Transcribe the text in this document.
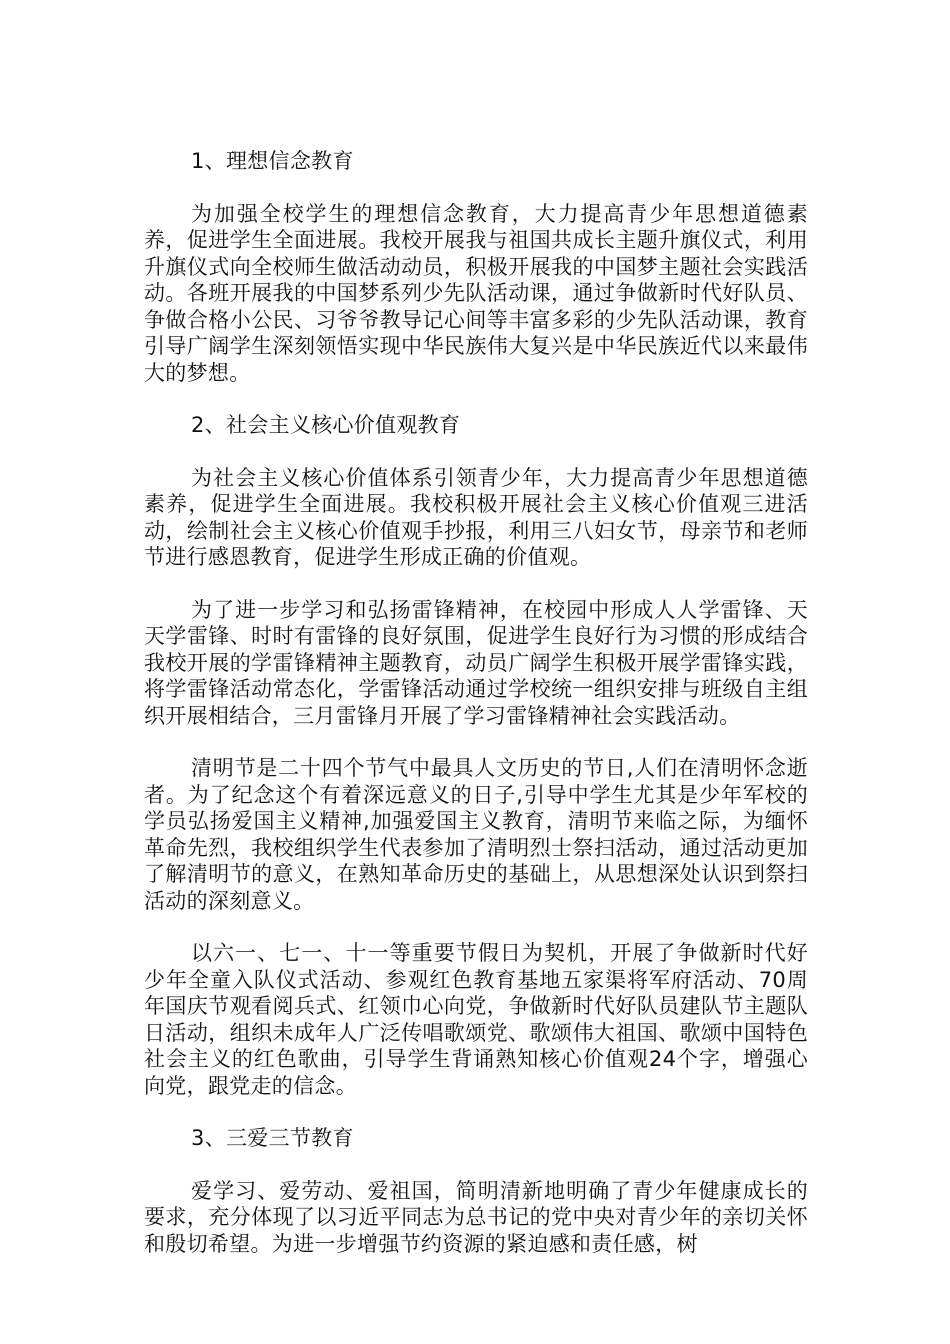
1、理想信念教育

为加强全校学生的理想信念教育，大力提高青少年思想道德素养，促进学生全面进展。我校开展我与祖国共成长主题升旗仪式，利用升旗仪式向全校师生做活动动员，积极开展我的中国梦主题社会实践活动。各班开展我的中国梦系列少先队活动课，通过争做新时代好队员、争做合格小公民、习爷爷教导记心间等丰富多彩的少先队活动课，教育引导广阔学生深刻领悟实现中华民族伟大复兴是中华民族近代以来最伟大的梦想。

2、社会主义核心价值观教育

为社会主义核心价值体系引领青少年，大力提高青少年思想道德素养，促进学生全面进展。我校积极开展社会主义核心价值观三进活动，绘制社会主义核心价值观手抄报，利用三八妇女节，母亲节和老师节进行感恩教育，促进学生形成正确的价值观。

为了进一步学习和弘扬雷锋精神，在校园中形成人人学雷锋、天天学雷锋、时时有雷锋的良好氛围，促进学生良好行为习惯的形成结合我校开展的学雷锋精神主题教育，动员广阔学生积极开展学雷锋实践，将学雷锋活动常态化，学雷锋活动通过学校统一组织安排与班级自主组织开展相结合，三月雷锋月开展了学习雷锋精神社会实践活动。

清明节是二十四个节气中最具人文历史的节日,人们在清明怀念逝者。为了纪念这个有着深远意义的日子,引导中学生尤其是少年军校的学员弘扬爱国主义精神,加强爱国主义教育，清明节来临之际，为缅怀革命先烈，我校组织学生代表参加了清明烈士祭扫活动，通过活动更加了解清明节的意义，在熟知革命历史的基础上，从思想深处认识到祭扫活动的深刻意义。

以六一、七一、十一等重要节假日为契机，开展了争做新时代好少年全童入队仪式活动、参观红色教育基地五家渠将军府活动、70周年国庆节观看阅兵式、红领巾心向党，争做新时代好队员建队节主题队日活动，组织未成年人广泛传唱歌颂党、歌颂伟大祖国、歌颂中国特色社会主义的红色歌曲，引导学生背诵熟知核心价值观24个字，增强心向党，跟党走的信念。

3、三爱三节教育

爱学习、爱劳动、爱祖国，简明清新地明确了青少年健康成长的要求，充分体现了以习近平同志为总书记的党中央对青少年的亲切关怀和殷切希望。为进一步增强节约资源的紧迫感和责任感，树
